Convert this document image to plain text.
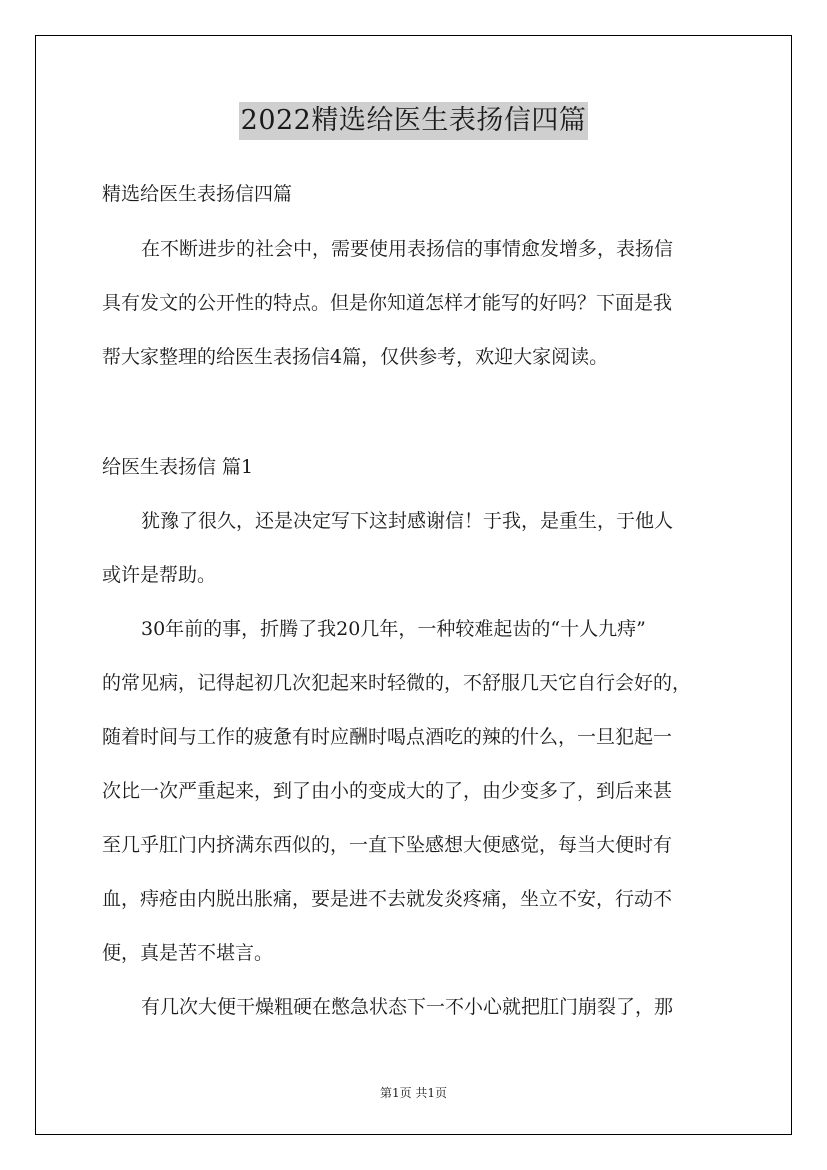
2022精选给医生表扬信四篇
精选给医生表扬信四篇
在不断进步的社会中，需要使用表扬信的事情愈发增多，表扬信
具有发文的公开性的特点。但是你知道怎样才能写的好吗？下面是我
帮大家整理的给医生表扬信4篇，仅供参考，欢迎大家阅读。
给医生表扬信 篇1
犹豫了很久，还是决定写下这封感谢信！于我，是重生，于他人
或许是帮助。
30年前的事，折腾了我20几年，一种较难起齿的“十人九痔”
的常见病，记得起初几次犯起来时轻微的，不舒服几天它自行会好的，
随着时间与工作的疲惫有时应酬时喝点酒吃的辣的什么，一旦犯起一
次比一次严重起来，到了由小的变成大的了，由少变多了，到后来甚
至几乎肛门内挤满东西似的，一直下坠感想大便感觉，每当大便时有
血，痔疮由内脱出胀痛，要是进不去就发炎疼痛，坐立不安，行动不
便，真是苦不堪言。
有几次大便干燥粗硬在憋急状态下一不小心就把肛门崩裂了，那
第1页 共1页
